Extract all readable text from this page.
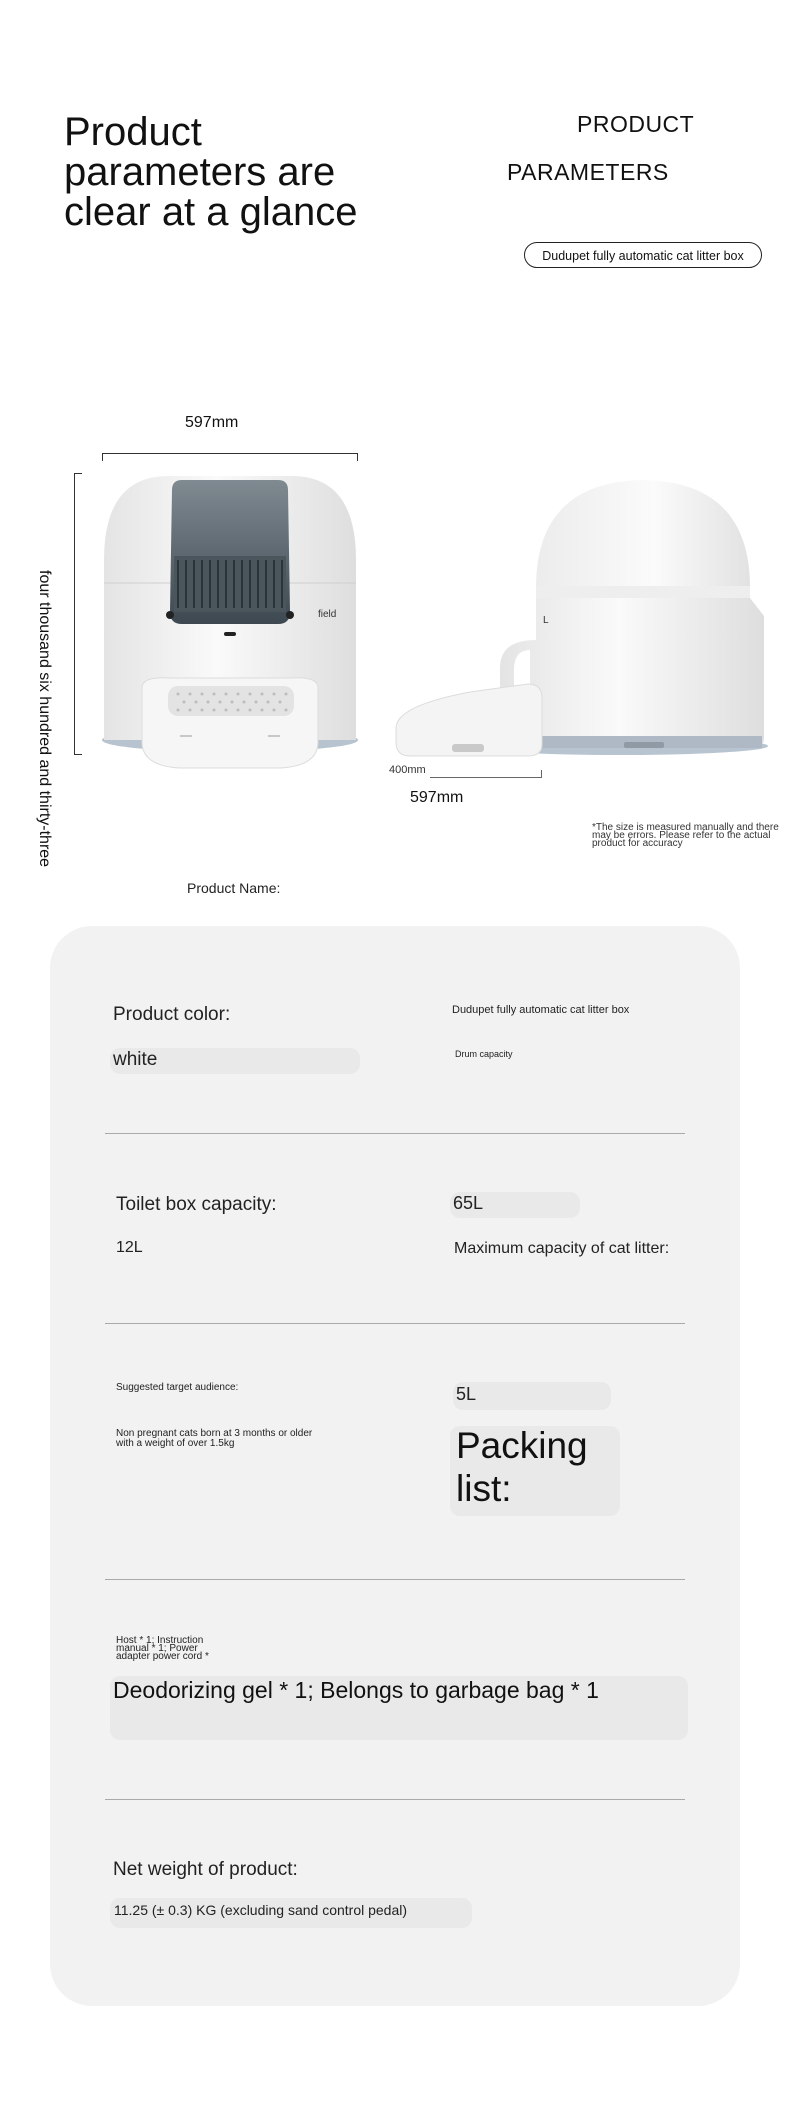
Product parameters are clear at a glance
PRODUCT
PARAMETERS
Dudupet fully automatic cat litter box
597mm
four thousand six hundred and thirty-three	field
L
400mm
597mm
*The size is measured manually and there may be errors. Please refer to the actual product for accuracy
Product Name:
Product color:
white
Dudupet fully automatic cat litter box
Drum capacity
Toilet box capacity:
12L
65L
Maximum capacity of cat litter:
Suggested target audience:
Non pregnant cats born at 3 months or older with a weight of over 1.5kg
5L
Packing list:
Host * 1; Instruction manual * 1; Power adapter power cord *
Deodorizing gel * 1; Belongs to garbage bag * 1
Net weight of product:
11.25 (± 0.3) KG (excluding sand control pedal)
